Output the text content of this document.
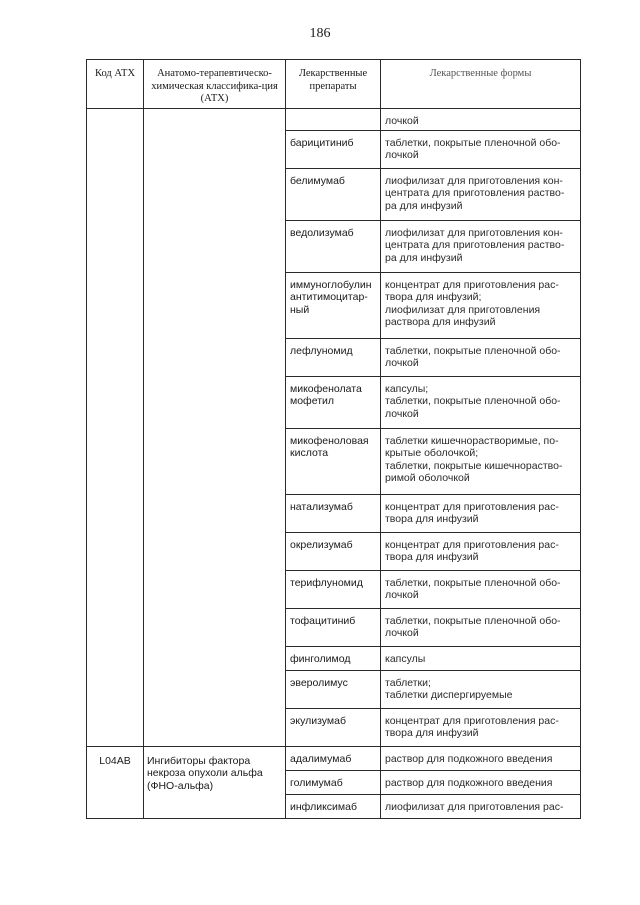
186
Код АТХ	Анатомо-терапевтическо-химическая классифика-ция (АТХ)	Лекарственные препараты	Лекарственные формы

			лочкой

		барицитиниб	таблетки, покрытые пленочной обо-
лочкой

		белимумаб	лиофилизат для приготовления кон-
центрата для приготовления раство-
ра для инфузий

		ведолизумаб	лиофилизат для приготовления кон-
центрата для приготовления раство-
ра для инфузий

		иммуноглобулин антитимоцитар-ный	концентрат для приготовления рас-
твора для инфузий;
лиофилизат для приготовления
раствора для инфузий

		лефлуномид	таблетки, покрытые пленочной обо-
лочкой

		микофенолата мофетил	капсулы;
таблетки, покрытые пленочной обо-
лочкой

		микофеноловая кислота	таблетки кишечнорастворимые, по-
крытые оболочкой;
таблетки, покрытые кишечнораство-
римой оболочкой

		натализумаб	концентрат для приготовления рас-
твора для инфузий

		окрелизумаб	концентрат для приготовления рас-
твора для инфузий

		терифлуномид	таблетки, покрытые пленочной обо-
лочкой

		тофацитиниб	таблетки, покрытые пленочной обо-
лочкой

		финголимод	капсулы

		эверолимус	таблетки;
таблетки диспергируемые

		экулизумаб	концентрат для приготовления рас-
твора для инфузий

L04AB	Ингибиторы фактора некроза опухоли альфа (ФНО-альфа)	адалимумаб	раствор для подкожного введения

		голимумаб	раствор для подкожного введения

		инфликсимаб	лиофилизат для приготовления рас-
